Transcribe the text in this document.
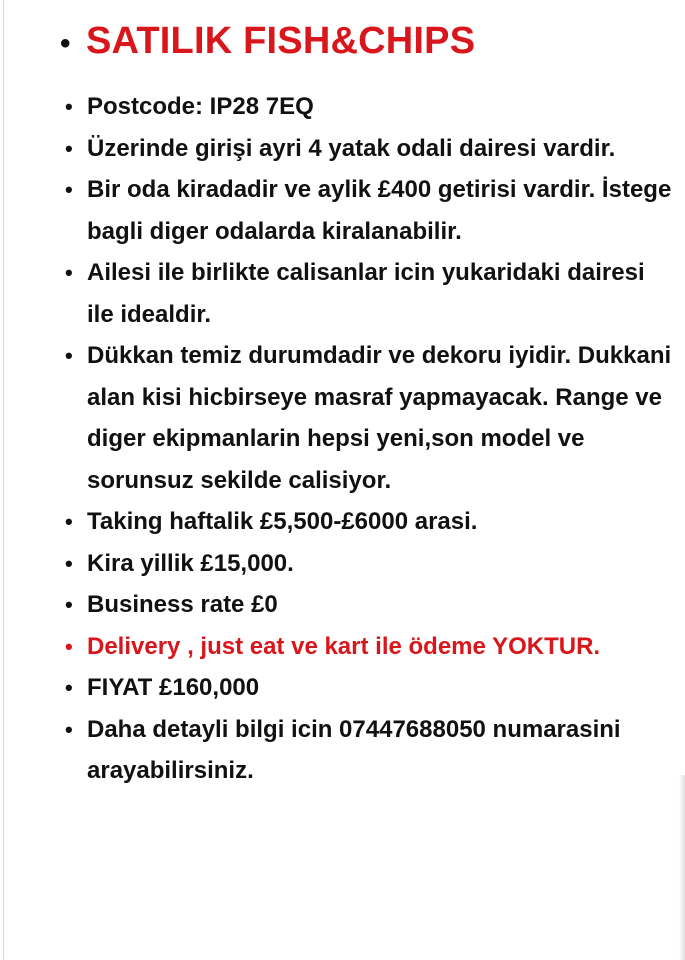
• SATILIK FISH&CHIPS
• Postcode: IP28 7EQ
• Üzerinde girişi ayri 4 yatak odali dairesi vardir.
• Bir oda kiradadir ve aylik £400 getirisi vardir. İstege bagli diger odalarda kiralanabilir.
• Ailesi ile birlikte calisanlar icin yukaridaki dairesi ile idealdir.
• Dükkan temiz durumdadir ve dekoru iyidir. Dukkani alan kisi hicbirseye masraf yapmayacak. Range ve diger ekipmanlarin hepsi yeni,son model ve sorunsuz sekilde calisiyor.
• Taking haftalik £5,500-£6000 arasi.
• Kira yillik £15,000.
• Business rate £0
• Delivery , just eat ve kart ile ödeme YOKTUR.
• FIYAT £160,000
• Daha detayli bilgi icin 07447688050 numarasini arayabilirsiniz.
